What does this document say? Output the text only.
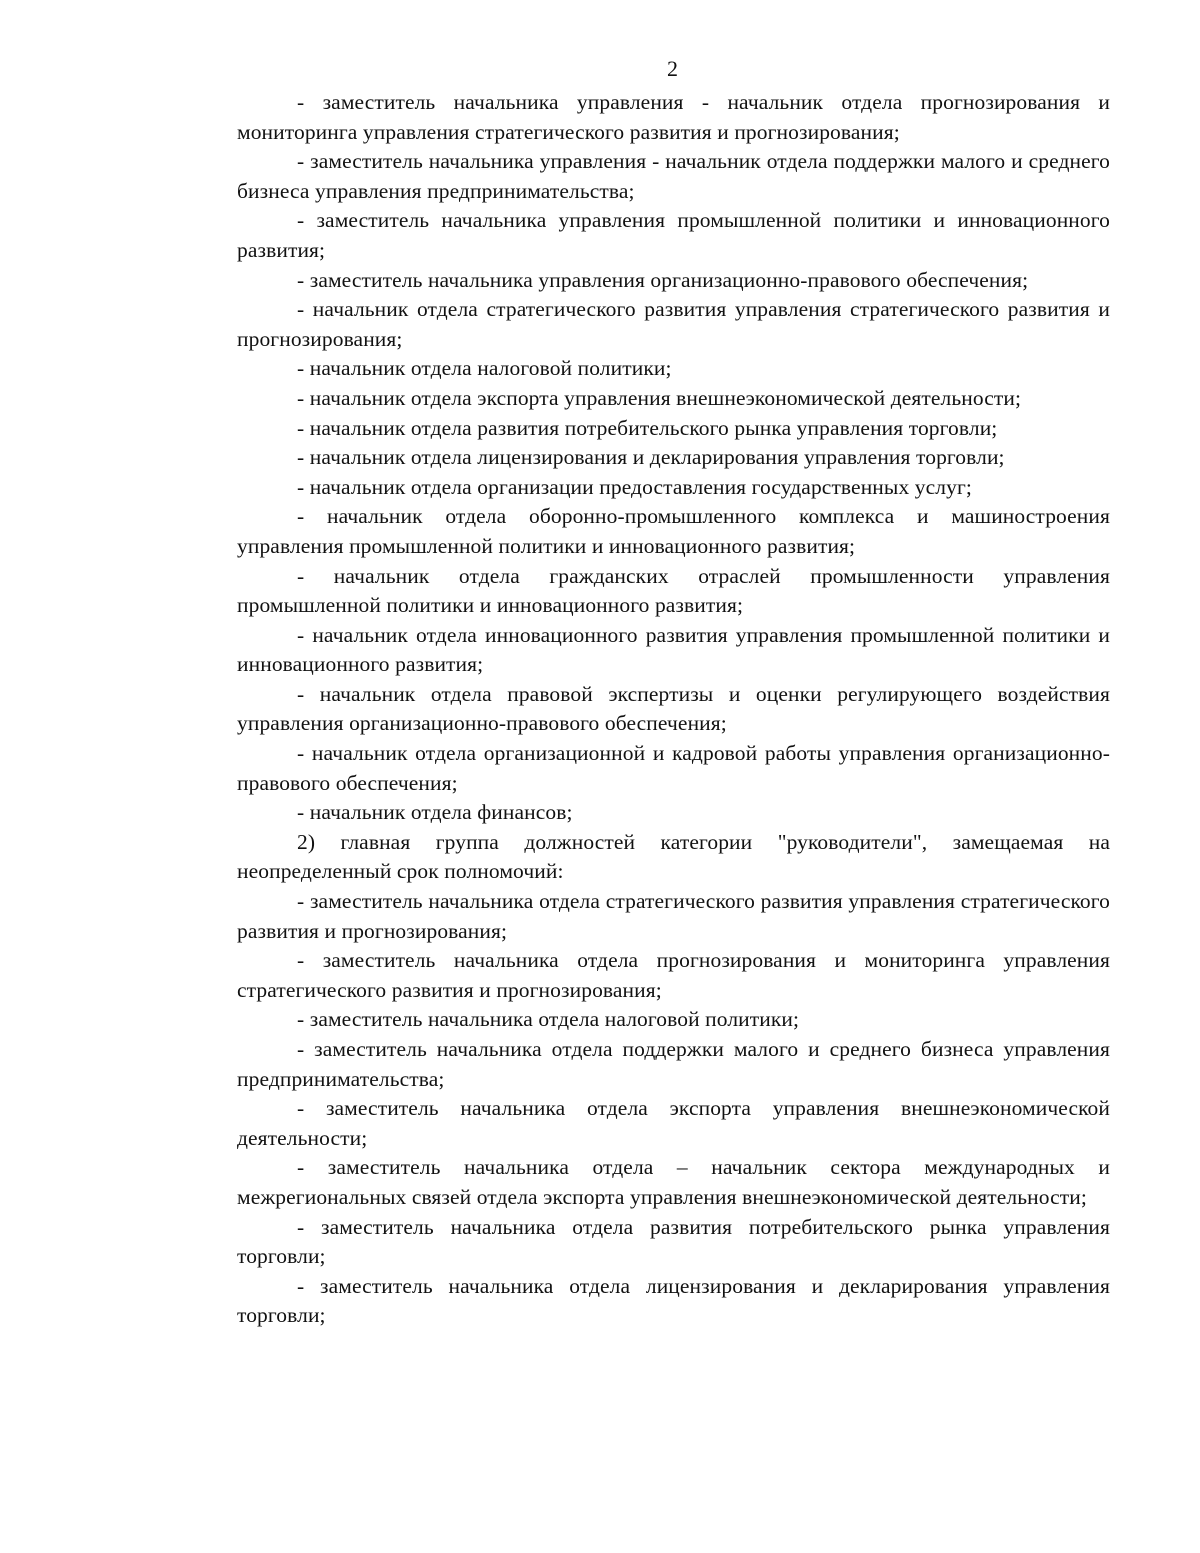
2

- заместитель начальника управления - начальник отдела прогнозирования и мониторинга управления стратегического развития и прогнозирования;

- заместитель начальника управления - начальник отдела поддержки малого и среднего бизнеса управления предпринимательства;

- заместитель начальника управления промышленной политики и инновационного развития;

- заместитель начальника управления организационно-правового обеспечения;

- начальник отдела стратегического развития управления стратегического развития и прогнозирования;

- начальник отдела налоговой политики;

- начальник отдела экспорта управления внешнеэкономической деятельности;

- начальник отдела развития потребительского рынка управления торговли;

- начальник отдела лицензирования и декларирования управления торговли;

- начальник отдела организации предоставления государственных услуг;

- начальник отдела оборонно-промышленного комплекса и машиностроения управления промышленной политики и инновационного развития;

- начальник отдела гражданских отраслей промышленности управления промышленной политики и инновационного развития;

- начальник отдела инновационного развития управления промышленной политики и инновационного развития;

- начальник отдела правовой экспертизы и оценки регулирующего воздействия управления организационно-правового обеспечения;

- начальник отдела организационной и кадровой работы управления организационно-правового обеспечения;

- начальник отдела финансов;

2) главная группа должностей категории "руководители", замещаемая на неопределенный срок полномочий:

- заместитель начальника отдела стратегического развития управления стратегического развития и прогнозирования;

- заместитель начальника отдела прогнозирования и мониторинга управления стратегического развития и прогнозирования;

- заместитель начальника отдела налоговой политики;

- заместитель начальника отдела поддержки малого и среднего бизнеса управления предпринимательства;

- заместитель начальника отдела экспорта управления внешнеэкономической деятельности;

- заместитель начальника отдела – начальник сектора международных и межрегиональных связей отдела экспорта управления внешнеэкономической деятельности;

- заместитель начальника отдела развития потребительского рынка управления торговли;

- заместитель начальника отдела лицензирования и декларирования управления торговли;
